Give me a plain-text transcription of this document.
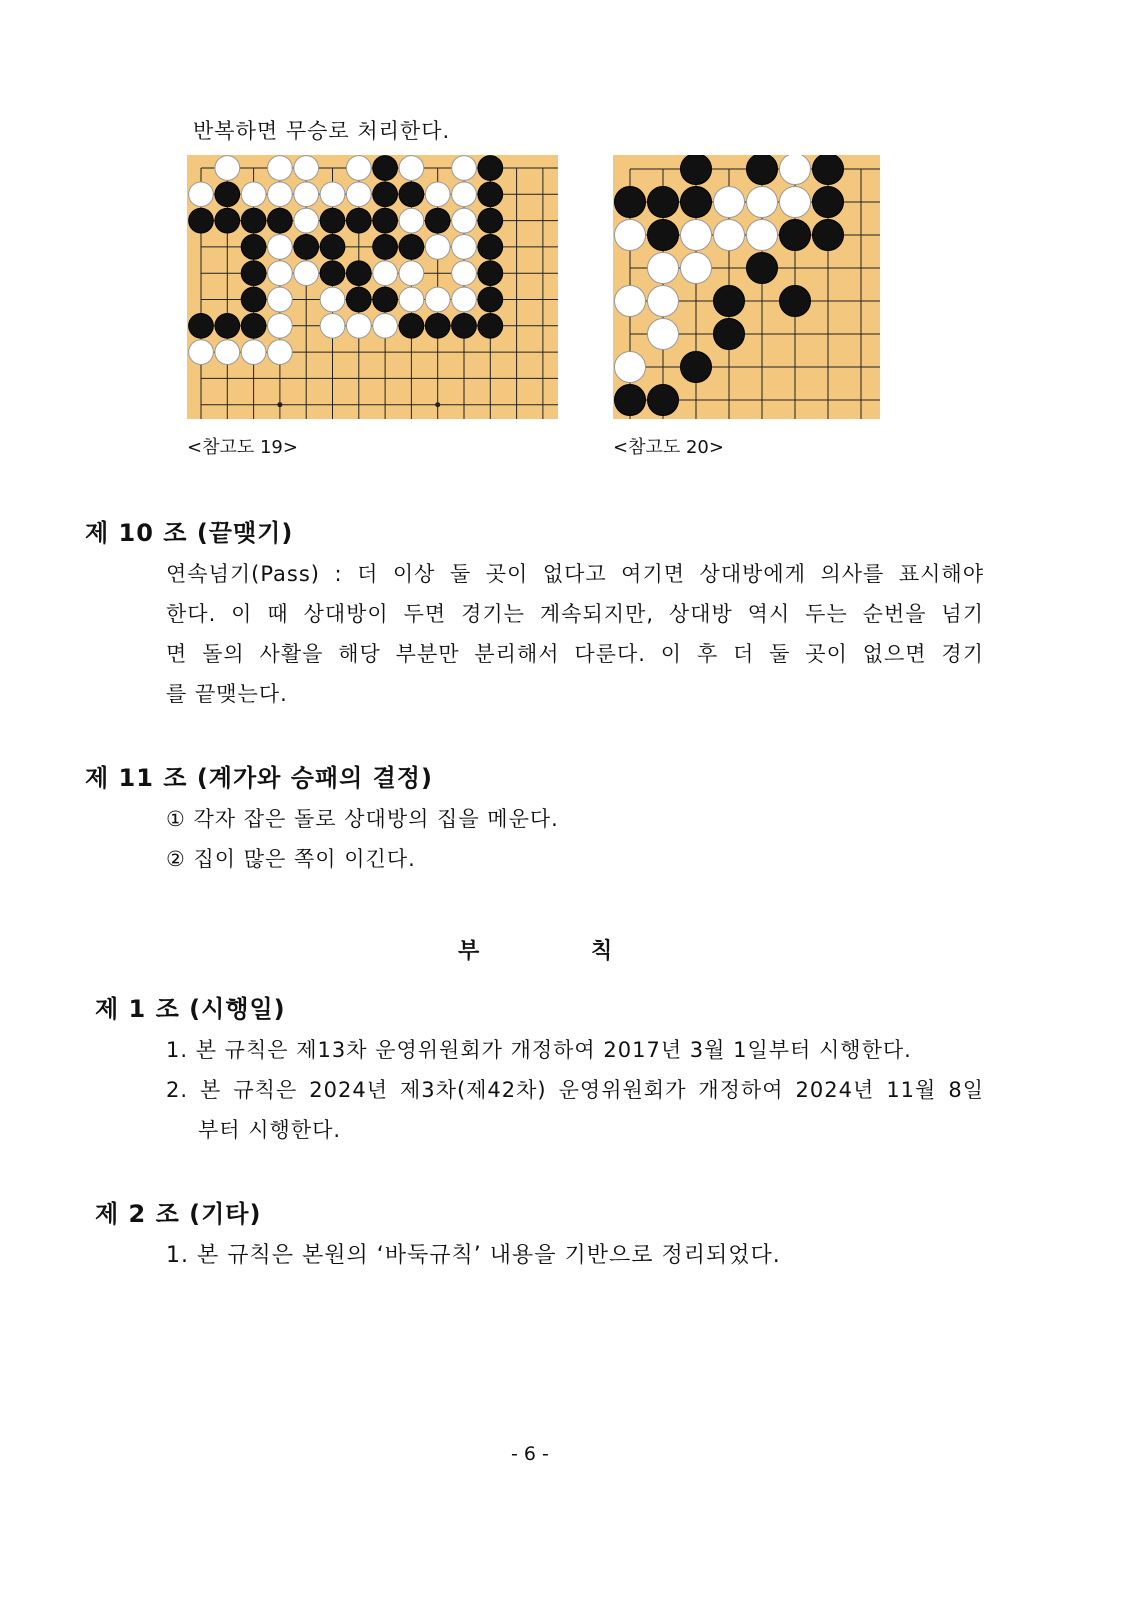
반복하면 무승로 처리한다.
<참고도 19>	<참고도 20>
제 10 조 (끝맺기)
연속넘기(Pass) : 더 이상 둘 곳이 없다고 여기면 상대방에게 의사를 표시해야
한다. 이 때 상대방이 두면 경기는 계속되지만, 상대방 역시 두는 순번을 넘기
면 돌의 사활을 해당 부분만 분리해서 다룬다. 이 후 더 둘 곳이 없으면 경기
를 끝맺는다.
제 11 조 (계가와 승패의 결정)
① 각자 잡은 돌로 상대방의 집을 메운다.
② 집이 많은 쪽이 이긴다.
부	칙
제 1 조 (시행일)
1. 본 규칙은 제13차 운영위원회가 개정하여 2017년 3월 1일부터 시행한다.
2. 본 규칙은 2024년 제3차(제42차) 운영위원회가 개정하여 2024년 11월 8일
부터 시행한다.
제 2 조 (기타)
1. 본 규칙은 본원의 ‘바둑규칙’ 내용을 기반으로 정리되었다.
- 6 -
